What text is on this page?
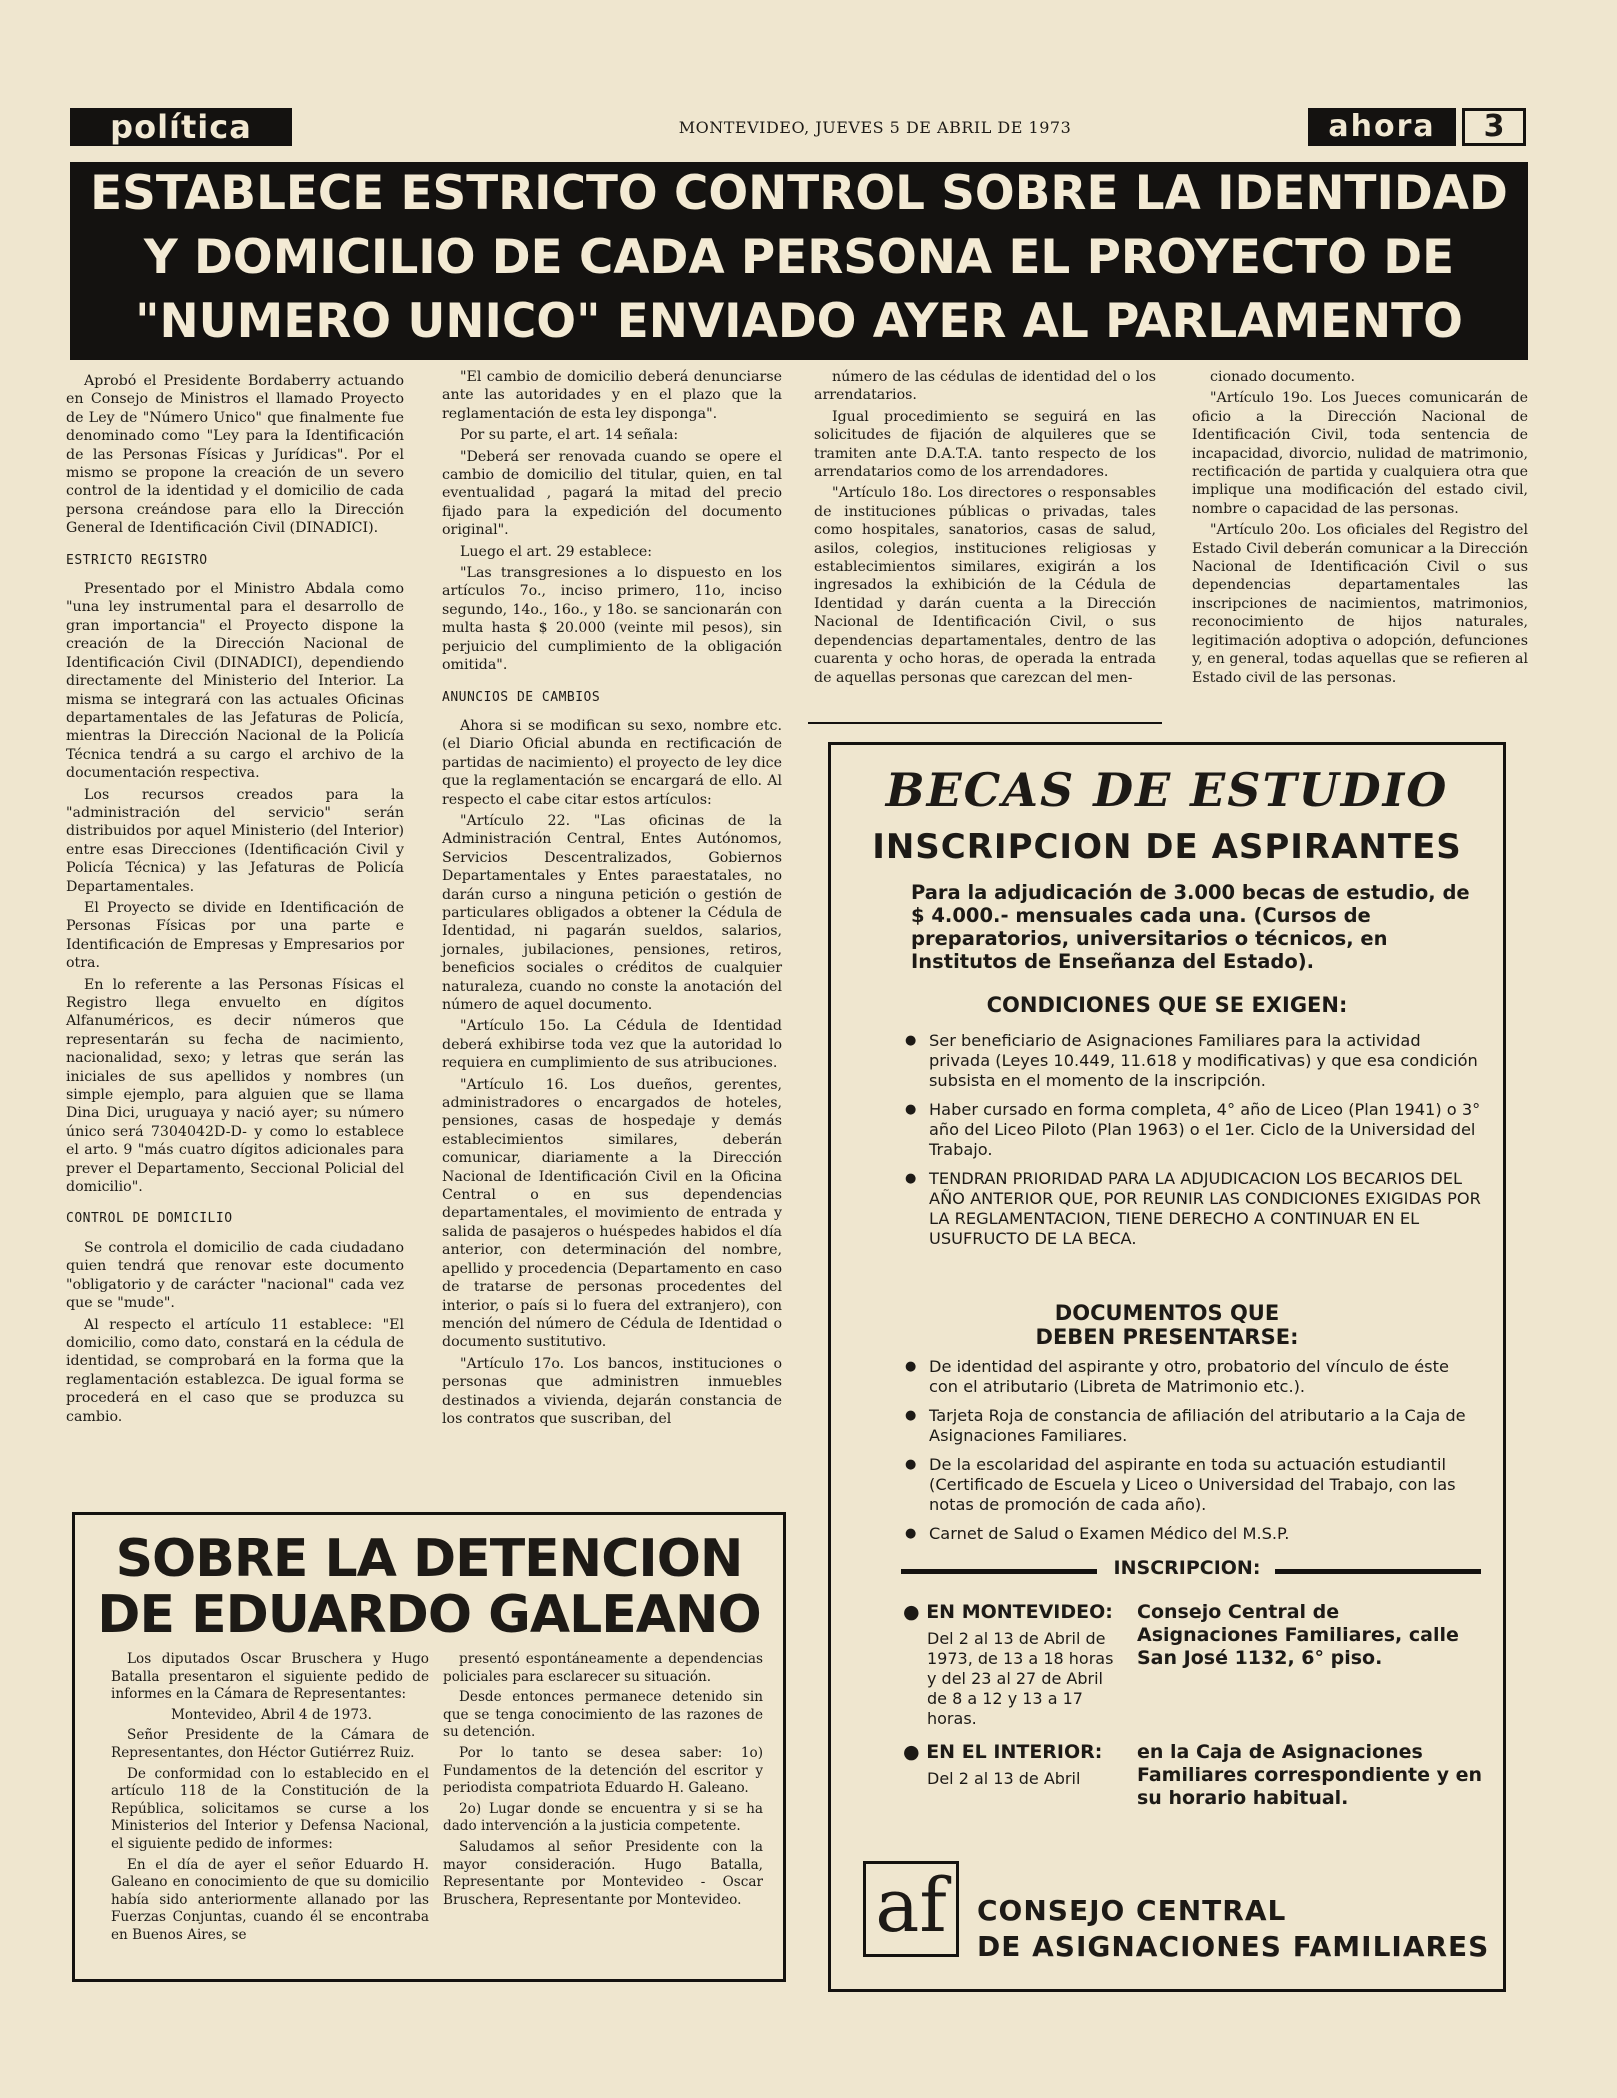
política	MONTEVIDEO, JUEVES 5 DE ABRIL DE 1973	ahora	3
ESTABLECE ESTRICTO CONTROL SOBRE LA IDENTIDAD
Y DOMICILIO DE CADA PERSONA EL PROYECTO DE
"NUMERO UNICO" ENVIADO AYER AL PARLAMENTO

Aprobó el Presidente Bordaberry actuando en Consejo de Ministros el llamado Proyecto de Ley de "Número Unico" que finalmente fue denominado como "Ley para la Identificación de las Personas Físicas y Jurídicas". Por el mismo se propone la creación de un severo control de la identidad y el domicilio de cada persona creándose para ello la Dirección General de Identificación Civil (DINADICI).

ESTRICTO REGISTRO

Presentado por el Ministro Abdala como "una ley instrumental para el desarrollo de gran importancia" el Proyecto dispone la creación de la Dirección Nacional de Identificación Civil (DINADICI), dependiendo directamente del Ministerio del Interior. La misma se integrará con las actuales Oficinas departamentales de las Jefaturas de Policía, mientras la Dirección Nacional de la Policía Técnica tendrá a su cargo el archivo de la documentación respectiva.

Los recursos creados para la "administración del servicio" serán distribuidos por aquel Ministerio (del Interior) entre esas Direcciones (Identificación Civil y Policía Técnica) y las Jefaturas de Policía Departamentales.

El Proyecto se divide en Identificación de Personas Físicas por una parte e Identificación de Empresas y Empresarios por otra.

En lo referente a las Personas Físicas el Registro llega envuelto en dígitos Alfanuméricos, es decir números que representarán su fecha de nacimiento, nacionalidad, sexo; y letras que serán las iniciales de sus apellidos y nombres (un simple ejemplo, para alguien que se llama Dina Dici, uruguaya y nació ayer; su número único será 7304042D-D- y como lo establece el arto. 9 "más cuatro dígitos adicionales para prever el Departamento, Seccional Policial del domicilio".

CONTROL DE DOMICILIO

Se controla el domicilio de cada ciudadano quien tendrá que renovar este documento "obligatorio y de carácter "nacional" cada vez que se "mude".

Al respecto el artículo 11 establece: "El domicilio, como dato, constará en la cédula de identidad, se comprobará en la forma que la reglamentación establezca. De igual forma se procederá en el caso que se produzca su cambio.

"El cambio de domicilio deberá denunciarse ante las autoridades y en el plazo que la reglamentación de esta ley disponga".

Por su parte, el art. 14 señala:

"Deberá ser renovada cuando se opere el cambio de domicilio del titular, quien, en tal eventualidad , pagará la mitad del precio fijado para la expedición del documento original".

Luego el art. 29 establece:

"Las transgresiones a lo dispuesto en los artículos 7o., inciso primero, 11o, inciso segundo, 14o., 16o., y 18o. se sancionarán con multa hasta $ 20.000 (veinte mil pesos), sin perjuicio del cumplimiento de la obligación omitida".

ANUNCIOS DE CAMBIOS

Ahora si se modifican su sexo, nombre etc. (el Diario Oficial abunda en rectificación de partidas de nacimiento) el proyecto de ley dice que la reglamentación se encargará de ello. Al respecto el cabe citar estos artículos:

"Artículo 22. "Las oficinas de la Administración Central, Entes Autónomos, Servicios Descentralizados, Gobiernos Departamentales y Entes paraestatales, no darán curso a ninguna petición o gestión de particulares obligados a obtener la Cédula de Identidad, ni pagarán sueldos, salarios, jornales, jubilaciones, pensiones, retiros, beneficios sociales o créditos de cualquier naturaleza, cuando no conste la anotación del número de aquel documento.

"Artículo 15o. La Cédula de Identidad deberá exhibirse toda vez que la autoridad lo requiera en cumplimiento de sus atribuciones.

"Artículo 16. Los dueños, gerentes, administradores o encargados de hoteles, pensiones, casas de hospedaje y demás establecimientos similares, deberán comunicar, diariamente a la Dirección Nacional de Identificación Civil en la Oficina Central o en sus dependencias departamentales, el movimiento de entrada y salida de pasajeros o huéspedes habidos el día anterior, con determinación del nombre, apellido y procedencia (Departamento en caso de tratarse de personas procedentes del interior, o país si lo fuera del extranjero), con mención del número de Cédula de Identidad o documento sustitutivo.

"Artículo 17o. Los bancos, instituciones o personas que administren inmuebles destinados a vivienda, dejarán constancia de los contratos que suscriban, del

número de las cédulas de identidad del o los arrendatarios.

Igual procedimiento se seguirá en las solicitudes de fijación de alquileres que se tramiten ante D.A.T.A. tanto respecto de los arrendatarios como de los arrendadores.

"Artículo 18o. Los directores o responsables de instituciones públicas o privadas, tales como hospitales, sanatorios, casas de salud, asilos, colegios, instituciones religiosas y establecimientos similares, exigirán a los ingresados la exhibición de la Cédula de Identidad y darán cuenta a la Dirección Nacional de Identificación Civil, o sus dependencias departamentales, dentro de las cuarenta y ocho horas, de operada la entrada de aquellas personas que carezcan del men-

cionado documento.

"Artículo 19o. Los Jueces comunicarán de oficio a la Dirección Nacional de Identificación Civil, toda sentencia de incapacidad, divorcio, nulidad de matrimonio, rectificación de partida y cualquiera otra que implique una modificación del estado civil, nombre o capacidad de las personas.

"Artículo 20o. Los oficiales del Registro del Estado Civil deberán comunicar a la Dirección Nacional de Identificación Civil o sus dependencias departamentales las inscripciones de nacimientos, matrimonios, reconocimiento de hijos naturales, legitimación adoptiva o adopción, defunciones y, en general, todas aquellas que se refieren al Estado civil de las personas.

SOBRE LA DETENCION
DE EDUARDO GALEANO

Los diputados Oscar Bruschera y Hugo Batalla presentaron el siguiente pedido de informes en la Cámara de Representantes:

Montevideo, Abril 4 de 1973.

Señor Presidente de la Cámara de Representantes, don Héctor Gutiérrez Ruiz.

De conformidad con lo establecido en el artículo 118 de la Constitución de la República, solicitamos se curse a los Ministerios del Interior y Defensa Nacional, el siguiente pedido de informes:

En el día de ayer el señor Eduardo H. Galeano en conocimiento de que su domicilio había sido anteriormente allanado por las Fuerzas Conjuntas, cuando él se encontraba en Buenos Aires, se

presentó espontáneamente a dependencias policiales para esclarecer su situación.

Desde entonces permanece detenido sin que se tenga conocimiento de las razones de su detención.

Por lo tanto se desea saber: 1o) Fundamentos de la detención del escritor y periodista compatriota Eduardo H. Galeano.

2o) Lugar donde se encuentra y si se ha dado intervención a la justicia competente.

Saludamos al señor Presidente con la mayor consideración. Hugo Batalla, Representante por Montevideo - Oscar Bruschera, Representante por Montevideo.

BECAS DE ESTUDIO
INSCRIPCION DE ASPIRANTES
Para la adjudicación de 3.000 becas de estudio, de $ 4.000.- mensuales cada una. (Cursos de preparatorios, universitarios o técnicos, en Institutos de Enseñanza del Estado).
CONDICIONES QUE SE EXIGEN:
● Ser beneficiario de Asignaciones Familiares para la actividad privada (Leyes 10.449, 11.618 y modificativas) y que esa condición subsista en el momento de la inscripción.
● Haber cursado en forma completa, 4° año de Liceo (Plan 1941) o 3° año del Liceo Piloto (Plan 1963) o el 1er. Ciclo de la Universidad del Trabajo.
● TENDRAN PRIORIDAD PARA LA ADJUDICACION LOS BECARIOS DEL AÑO ANTERIOR QUE, POR REUNIR LAS CONDICIONES EXIGIDAS POR LA REGLAMENTACION, TIENE DERECHO A CONTINUAR EN EL USUFRUCTO DE LA BECA.
DOCUMENTOS QUE
DEBEN PRESENTARSE:
● De identidad del aspirante y otro, probatorio del vínculo de éste con el atributario (Libreta de Matrimonio etc.).
● Tarjeta Roja de constancia de afiliación del atributario a la Caja de Asignaciones Familiares.
● De la escolaridad del aspirante en toda su actuación estudiantil (Certificado de Escuela y Liceo o Universidad del Trabajo, con las notas de promoción de cada año).
● Carnet de Salud o Examen Médico del M.S.P.
INSCRIPCION:
● EN MONTEVIDEO:
Del 2 al 13 de Abril de 1973, de 13 a 18 horas y del 23 al 27 de Abril de 8 a 12 y 13 a 17 horas.
Consejo Central de Asignaciones Familiares, calle San José 1132, 6° piso.
● EN EL INTERIOR:
Del 2 al 13 de Abril
en la Caja de Asignaciones Familiares correspondiente y en su horario habitual.
af	CONSEJO CENTRAL
DE ASIGNACIONES FAMILIARES
